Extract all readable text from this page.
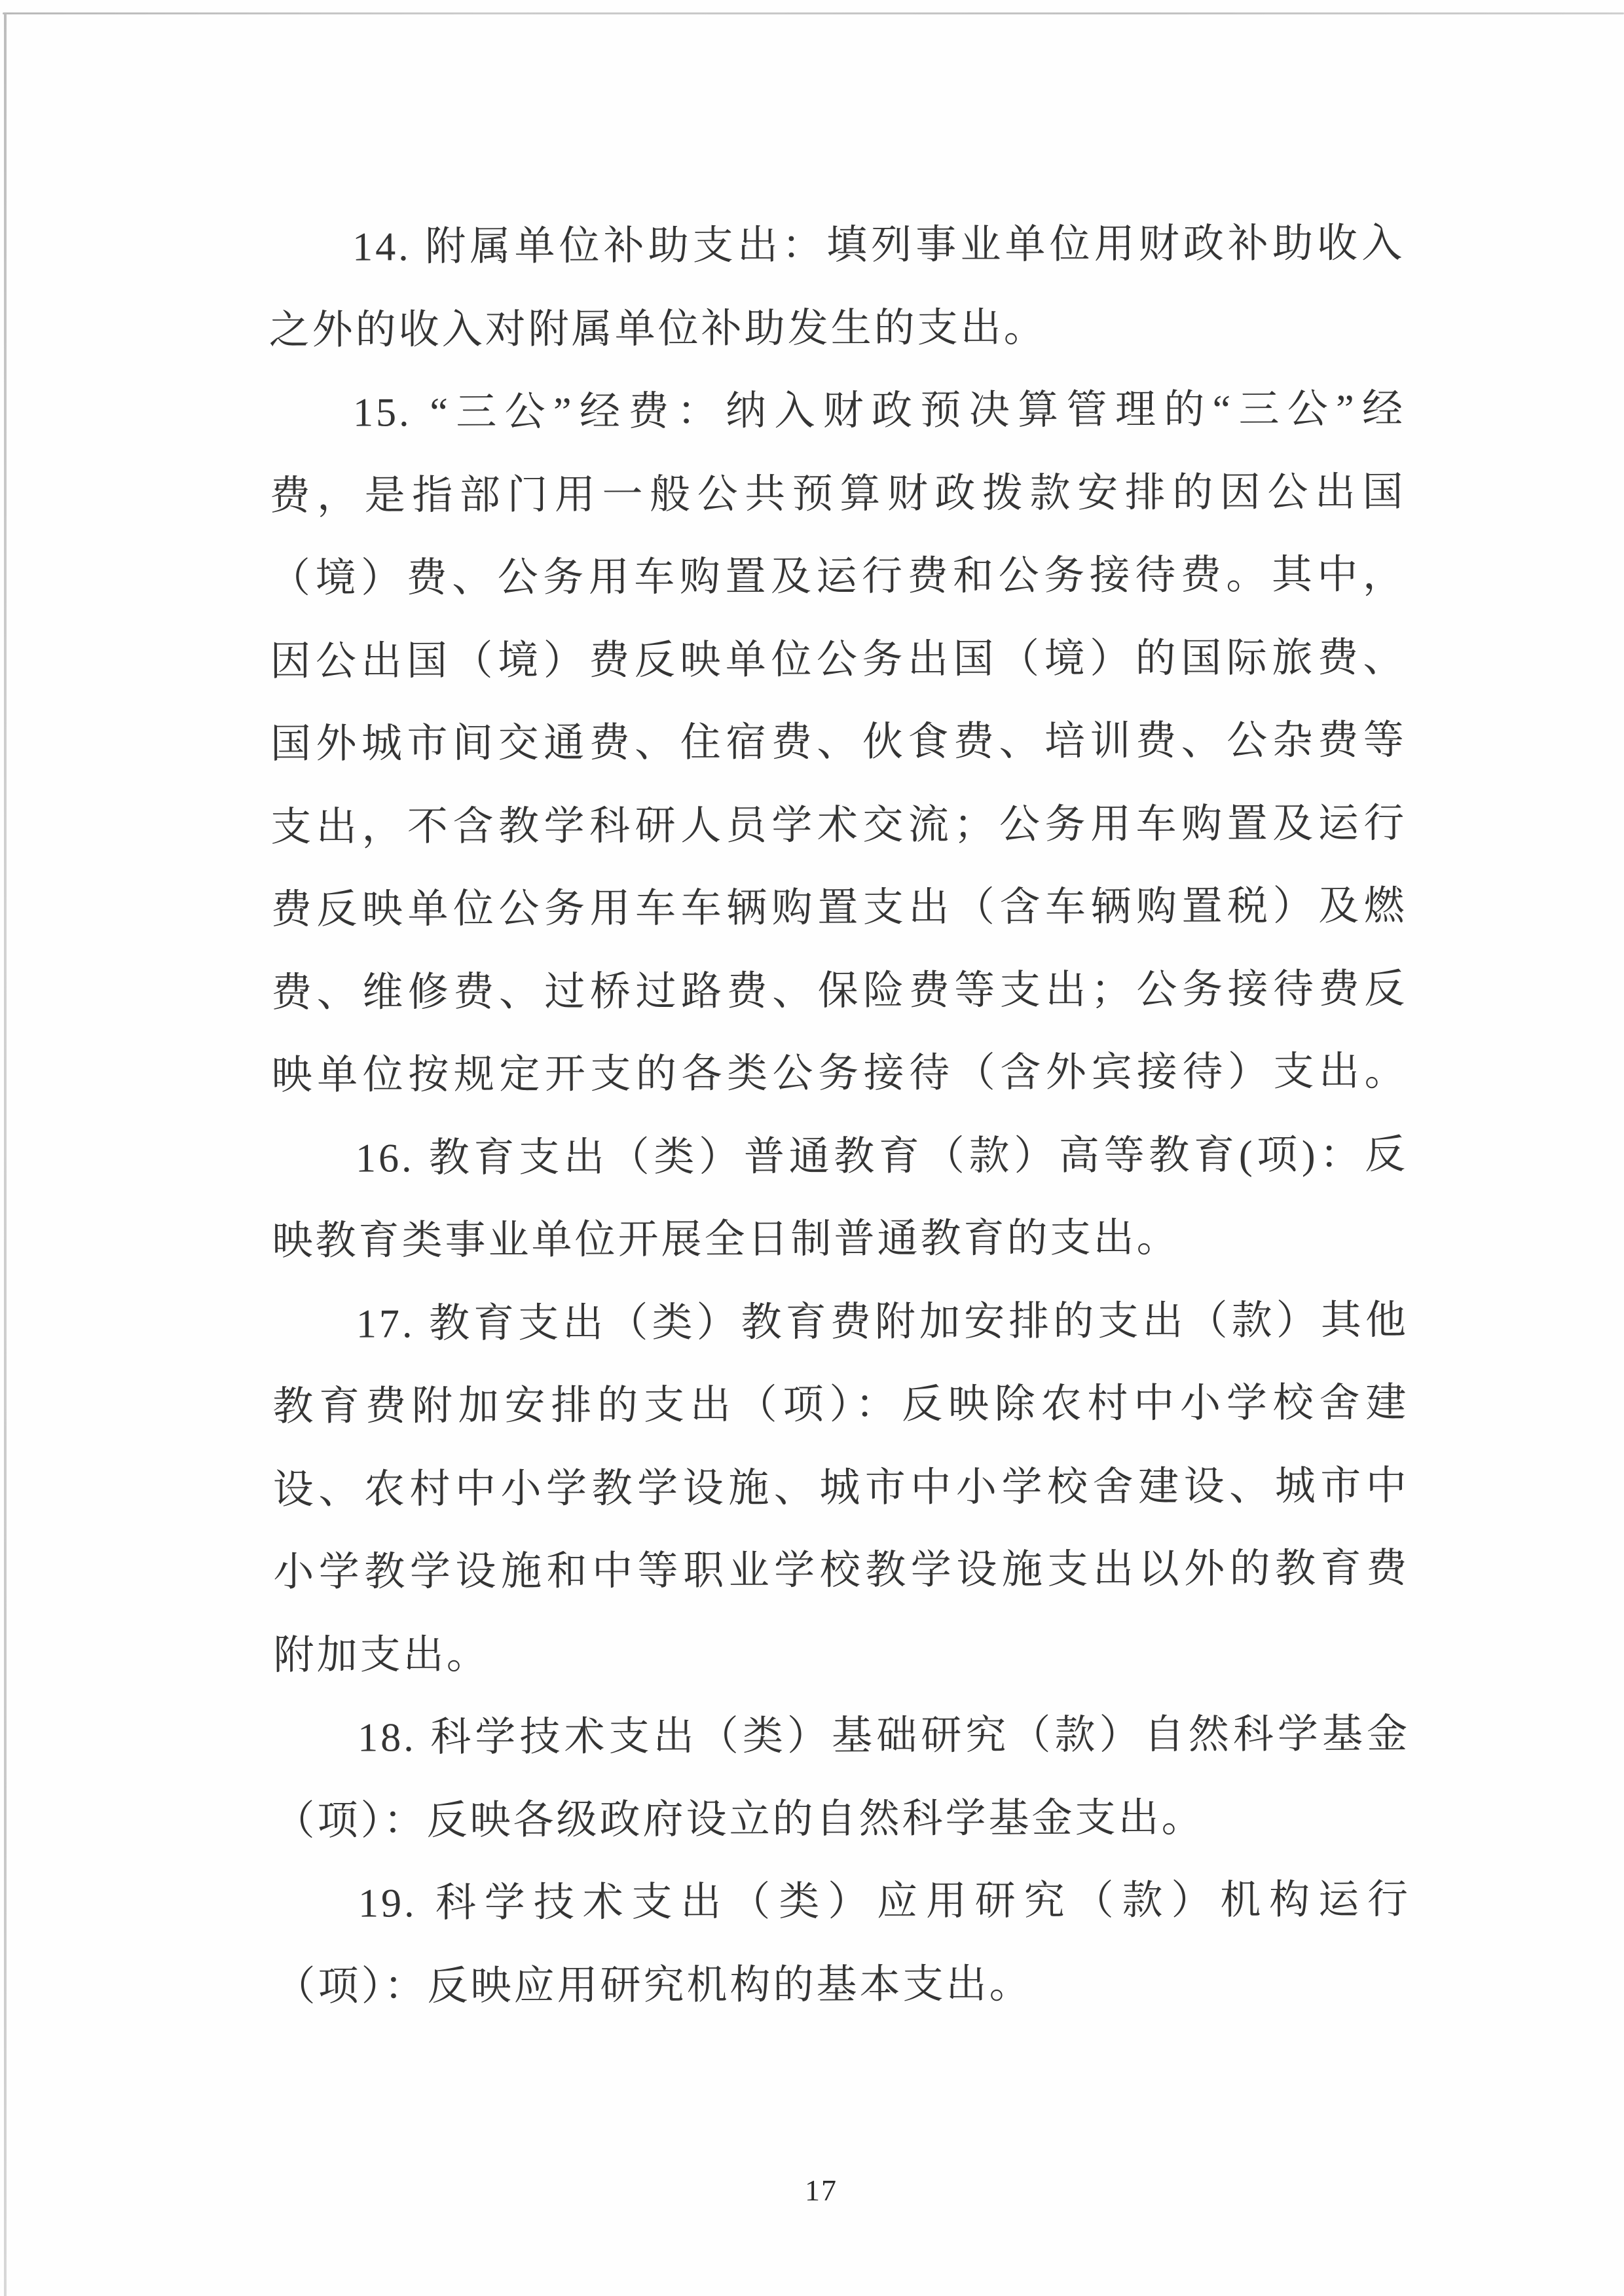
14. 附属单位补助支出：填列事业单位用财政补助收入
之外的收入对附属单位补助发生的支出。
15. “三公”经费：纳入财政预决算管理的“三公”经
费，是指部门用一般公共预算财政拨款安排的因公出国
（境）费、公务用车购置及运行费和公务接待费。其中，
因公出国（境）费反映单位公务出国（境）的国际旅费、
国外城市间交通费、住宿费、伙食费、培训费、公杂费等
支出，不含教学科研人员学术交流；公务用车购置及运行
费反映单位公务用车车辆购置支出（含车辆购置税）及燃
费、维修费、过桥过路费、保险费等支出；公务接待费反
映单位按规定开支的各类公务接待（含外宾接待）支出。
16. 教育支出（类）普通教育（款）高等教育(项)：反
映教育类事业单位开展全日制普通教育的支出。
17. 教育支出（类）教育费附加安排的支出（款）其他
教育费附加安排的支出（项）：反映除农村中小学校舍建
设、农村中小学教学设施、城市中小学校舍建设、城市中
小学教学设施和中等职业学校教学设施支出以外的教育费
附加支出。
18. 科学技术支出（类）基础研究（款）自然科学基金
（项）：反映各级政府设立的自然科学基金支出。
19. 科学技术支出（类）应用研究（款）机构运行
（项）：反映应用研究机构的基本支出。
17
